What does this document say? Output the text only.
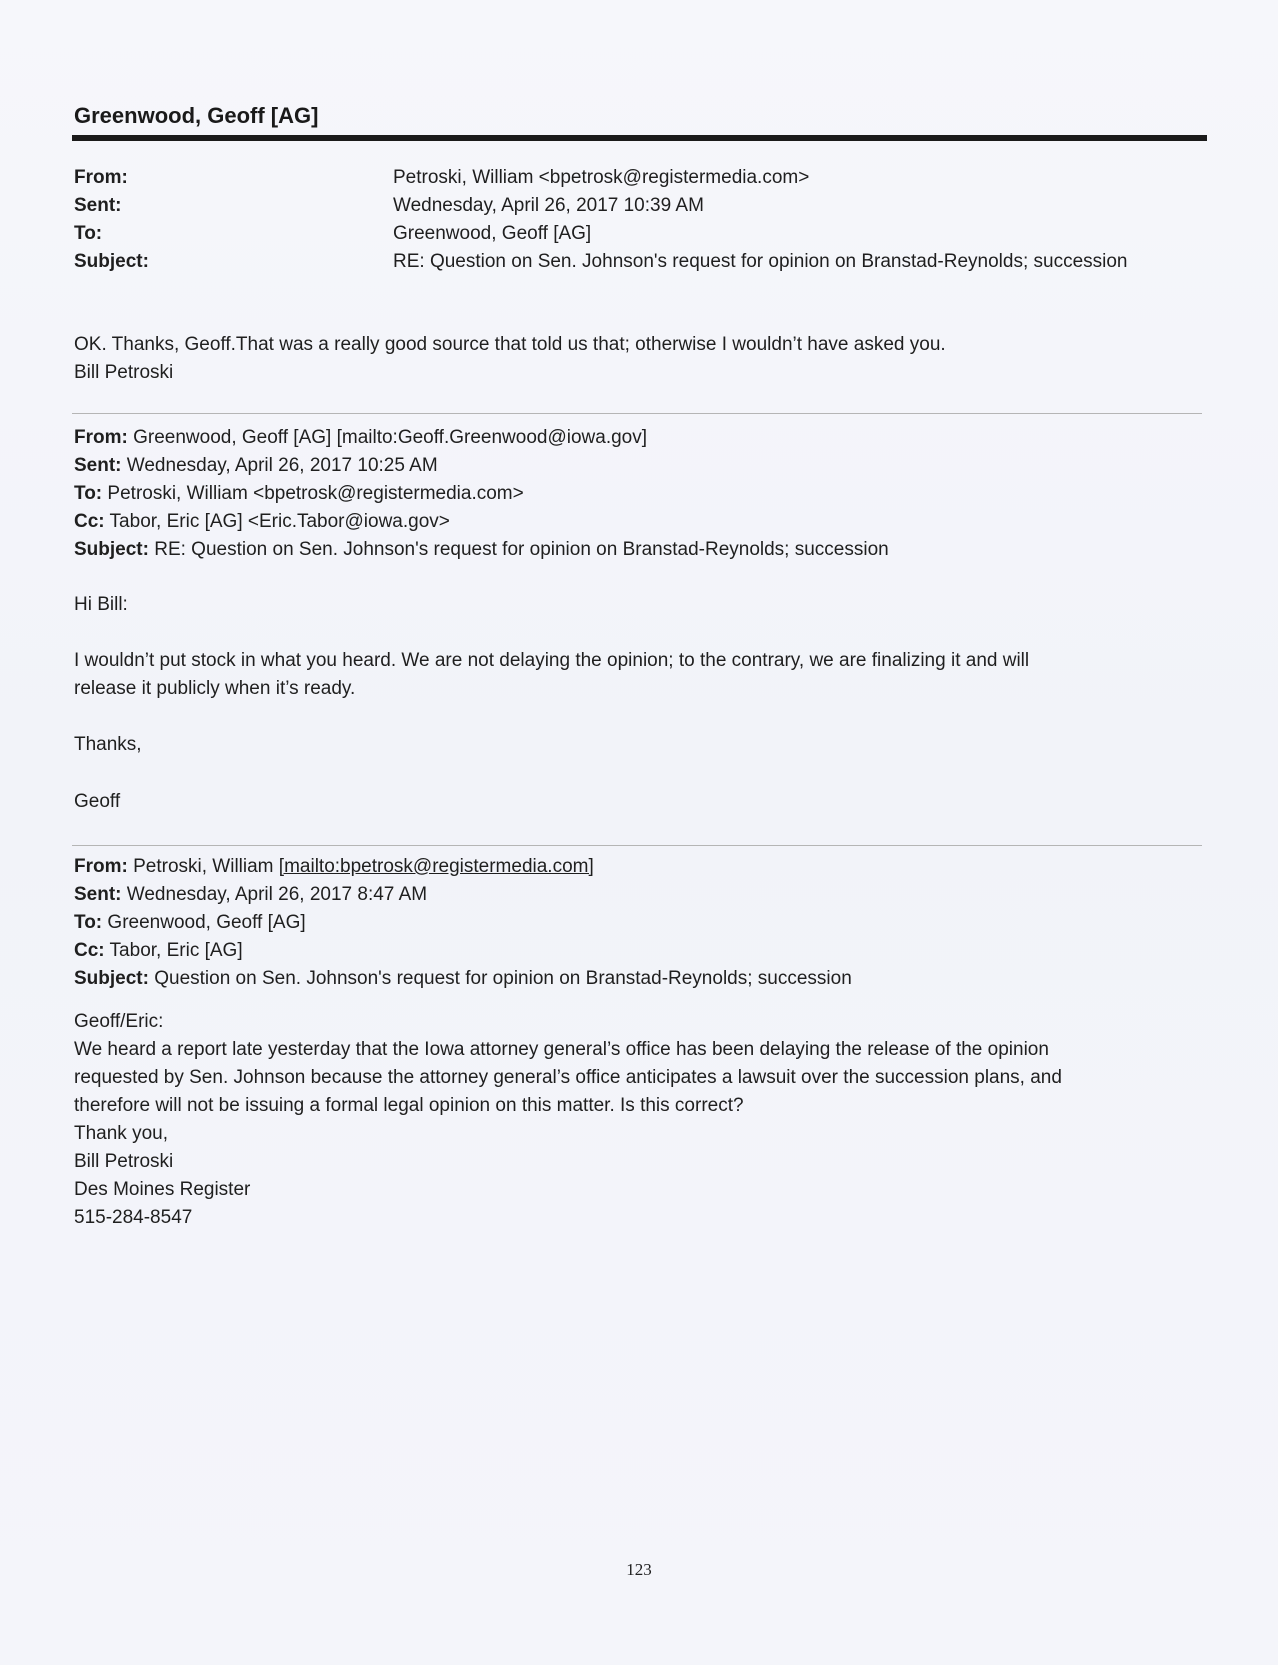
Greenwood, Geoff [AG]
From:	Petroski, William <bpetrosk@registermedia.com>
Sent:	Wednesday, April 26, 2017 10:39 AM
To:	Greenwood, Geoff [AG]
Subject:	RE: Question on Sen. Johnson's request for opinion on Branstad-Reynolds; succession
OK. Thanks, Geoff.That was a really good source that told us that; otherwise I wouldn’t have asked you.
Bill Petroski
From: Greenwood, Geoff [AG] [mailto:Geoff.Greenwood@iowa.gov]
Sent: Wednesday, April 26, 2017 10:25 AM
To: Petroski, William <bpetrosk@registermedia.com>
Cc: Tabor, Eric [AG] <Eric.Tabor@iowa.gov>
Subject: RE: Question on Sen. Johnson's request for opinion on Branstad-Reynolds; succession
Hi Bill:
I wouldn’t put stock in what you heard. We are not delaying the opinion; to the contrary, we are finalizing it and will
release it publicly when it’s ready.
Thanks,
Geoff
From: Petroski, William [mailto:bpetrosk@registermedia.com]
Sent: Wednesday, April 26, 2017 8:47 AM
To: Greenwood, Geoff [AG]
Cc: Tabor, Eric [AG]
Subject: Question on Sen. Johnson's request for opinion on Branstad-Reynolds; succession
Geoff/Eric:
We heard a report late yesterday that the Iowa attorney general’s office has been delaying the release of the opinion
requested by Sen. Johnson because the attorney general’s office anticipates a lawsuit over the succession plans, and
therefore will not be issuing a formal legal opinion on this matter. Is this correct?
Thank you,
Bill Petroski
Des Moines Register
515-284-8547
123
